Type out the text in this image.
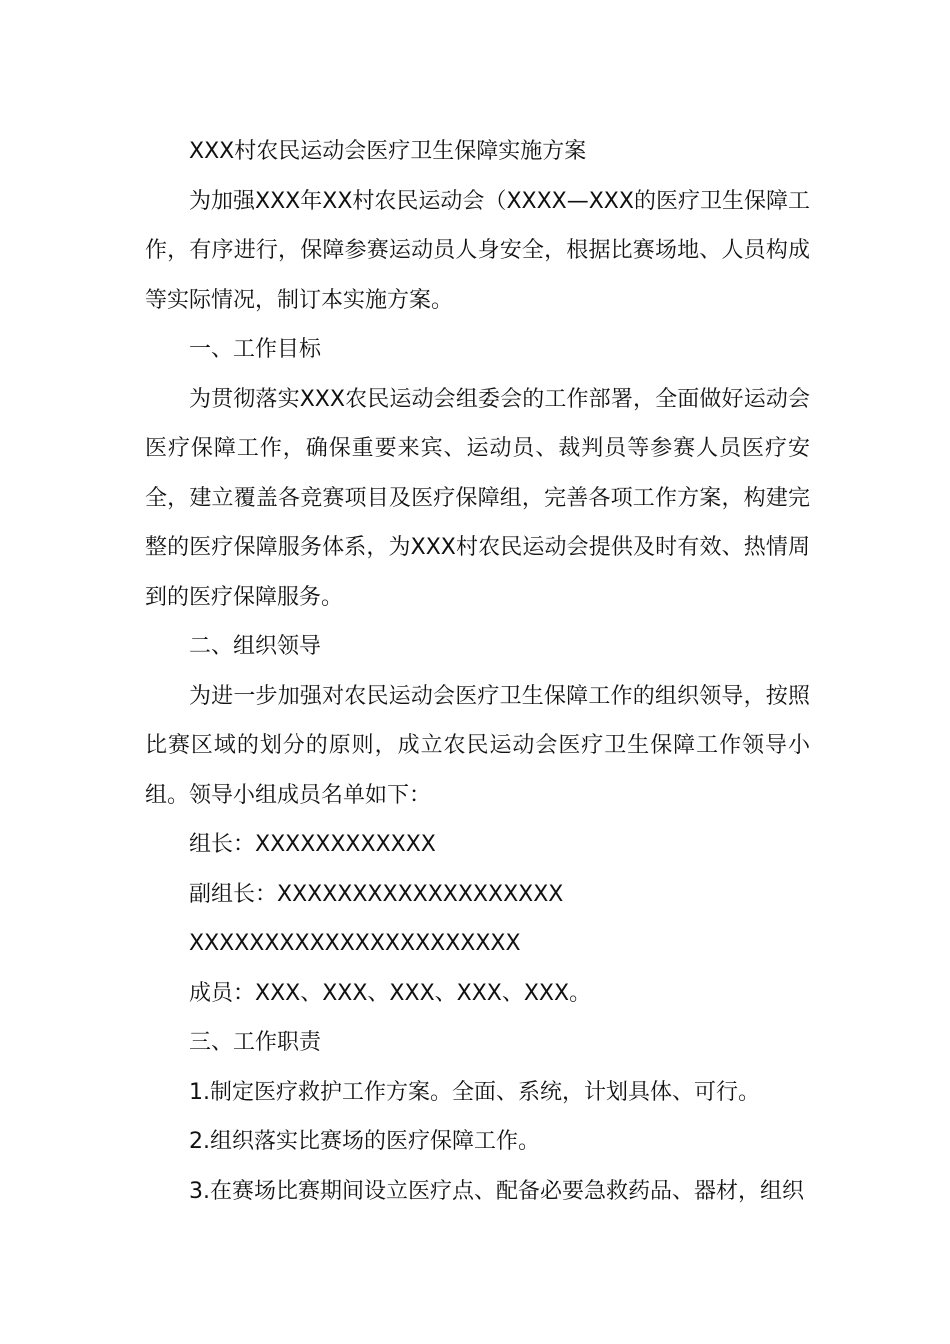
XXX村农民运动会医疗卫生保障实施方案

为加强XXX年XX村农民运动会（XXXX—XXX的医疗卫生保障工作，有序进行，保障参赛运动员人身安全，根据比赛场地、人员构成等实际情况，制订本实施方案。

一、工作目标

为贯彻落实XXX农民运动会组委会的工作部署，全面做好运动会医疗保障工作，确保重要来宾、运动员、裁判员等参赛人员医疗安全，建立覆盖各竞赛项目及医疗保障组，完善各项工作方案，构建完整的医疗保障服务体系，为XXX村农民运动会提供及时有效、热情周到的医疗保障服务。

二、组织领导

为进一步加强对农民运动会医疗卫生保障工作的组织领导，按照比赛区域的划分的原则，成立农民运动会医疗卫生保障工作领导小组。领导小组成员名单如下：

组长：XXXXXXXXXXXX

副组长：XXXXXXXXXXXXXXXXXXX

XXXXXXXXXXXXXXXXXXXXXX

成员：XXX、XXX、XXX、XXX、XXX。

三、工作职责

1.制定医疗救护工作方案。全面、系统，计划具体、可行。

2.组织落实比赛场的医疗保障工作。

3.在赛场比赛期间设立医疗点、配备必要急救药品、器材，组织
